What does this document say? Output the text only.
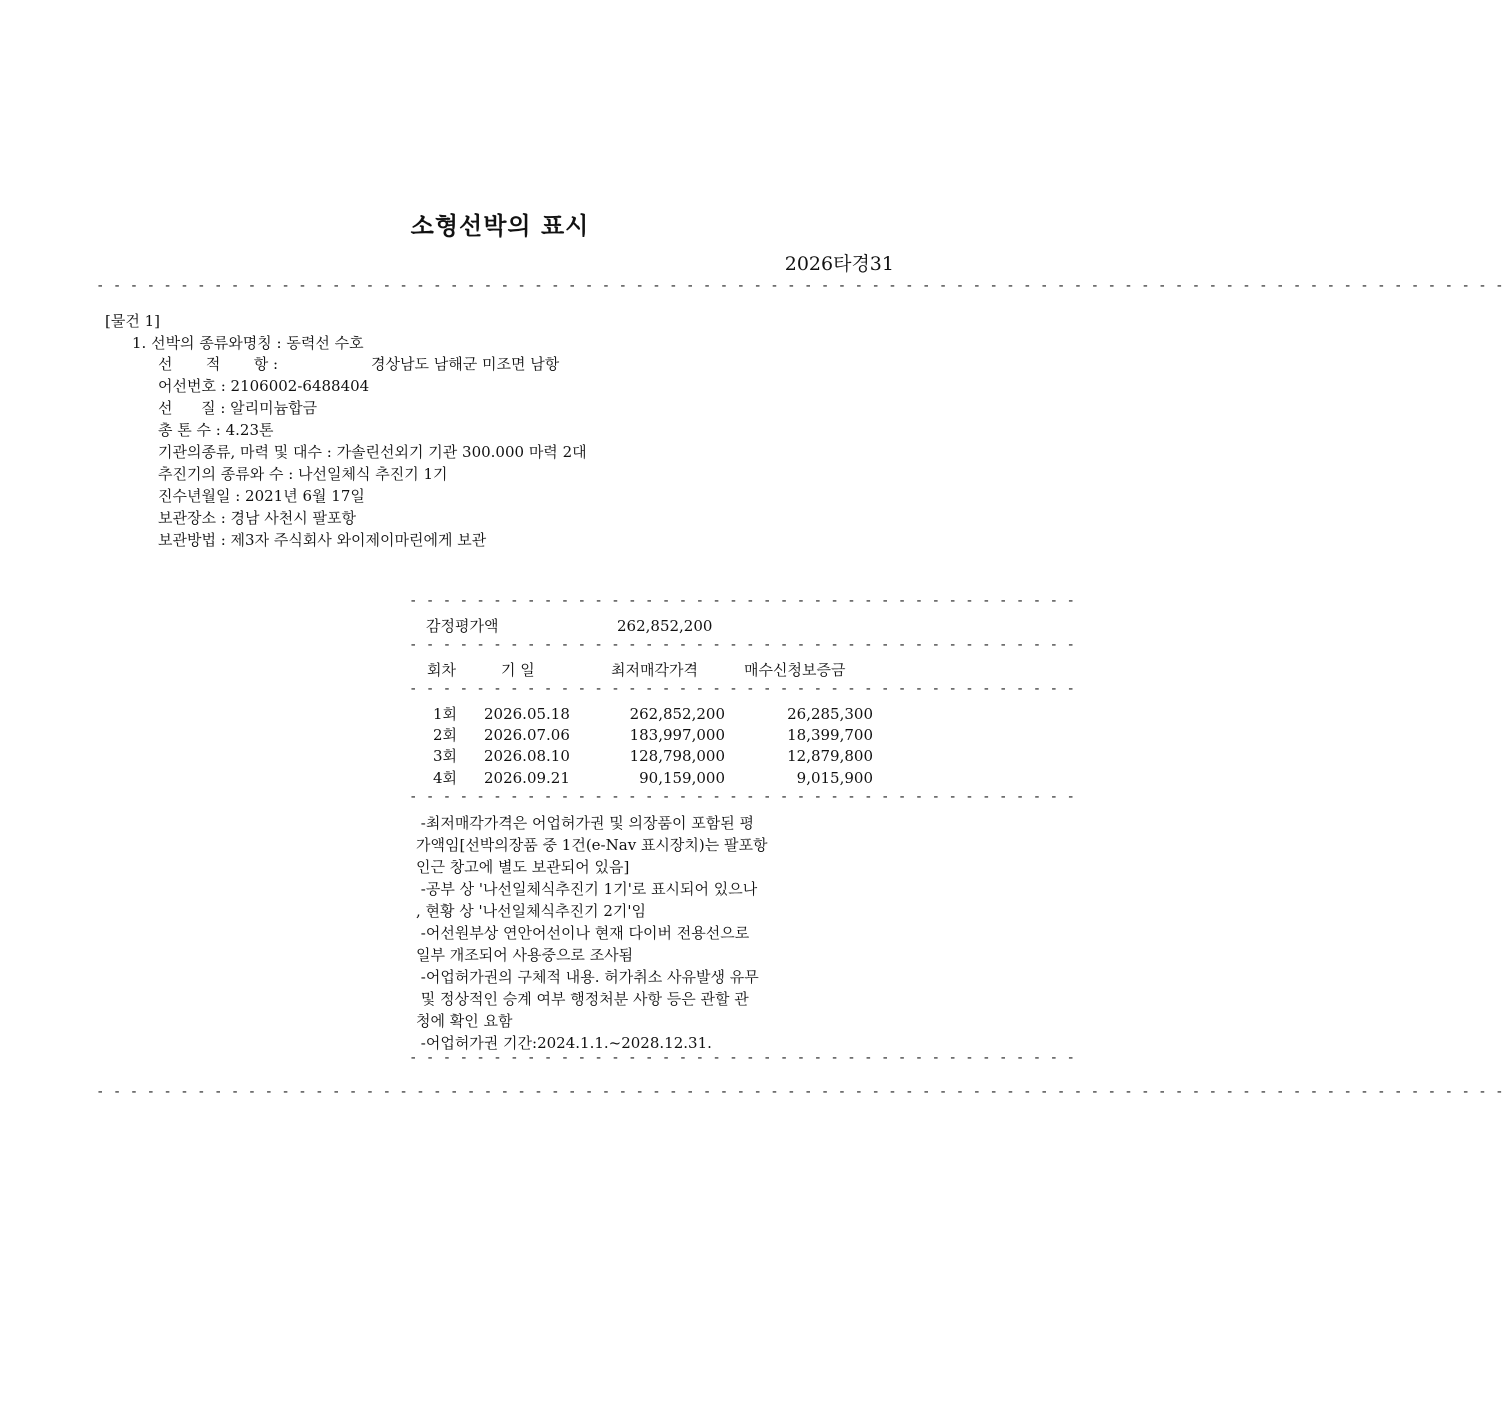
소형선박의 표시
2026타경31
- - - - - - - - - - - - - - - - - - - - - - - - - - - - - - - - - - - - - - - - - - - - - - - - - - - - - - - - - - - - - - - - - - - - - - - - - - - - - - - - - - - -
[물건 1]
1. 선박의 종류와명칭 : 동력선 수호
선       적       항 :	경상남도 남해군 미조면 남항
어선번호 : 2106002-6488404
선      질 : 알리미늄합금
총 톤 수 : 4.23톤
기관의종류, 마력 및 대수 : 가솔린선외기 기관 300.000 마력 2대
추진기의 종류와 수 : 나선일체식 추진기 1기
진수년월일 : 2021년 6월 17일
보관장소 : 경남 사천시 팔포항
보관방법 : 제3자 주식회사 와이제이마린에게 보관
- - - - - - - - - - - - - - - - - - - - - - - - - - - - - - - - - - - - - - - -
감정평가액	262,852,200
- - - - - - - - - - - - - - - - - - - - - - - - - - - - - - - - - - - - - - - -
회차	기 일	최저매각가격	매수신청보증금
- - - - - - - - - - - - - - - - - - - - - - - - - - - - - - - - - - - - - - - -
1회 2026.05.18	262,852,200	26,285,300
2회 2026.07.06	183,997,000	18,399,700
3회 2026.08.10	128,798,000	12,879,800
4회 2026.09.21	90,159,000	9,015,900
- - - - - - - - - - - - - - - - - - - - - - - - - - - - - - - - - - - - - - - -
-최저매각가격은 어업허가권 및 의장품이 포함된 평
가액임[선박의장품 중 1건(e-Nav 표시장치)는 팔포항
인근 창고에 별도 보관되어 있음]
-공부 상 '나선일체식추진기 1기'로 표시되어 있으나
, 현황 상 '나선일체식추진기 2기'임
-어선원부상 연안어선이나 현재 다이버 전용선으로
일부 개조되어 사용중으로 조사됨
-어업허가권의 구체적 내용. 허가취소 사유발생 유무
및 정상적인 승계 여부 행정처분 사항 등은 관할 관
청에 확인 요함
-어업허가권 기간:2024.1.1.~2028.12.31.
- - - - - - - - - - - - - - - - - - - - - - - - - - - - - - - - - - - - - - - -
- - - - - - - - - - - - - - - - - - - - - - - - - - - - - - - - - - - - - - - - - - - - - - - - - - - - - - - - - - - - - - - - - - - - - - - - - - - - - - - - - - - -
